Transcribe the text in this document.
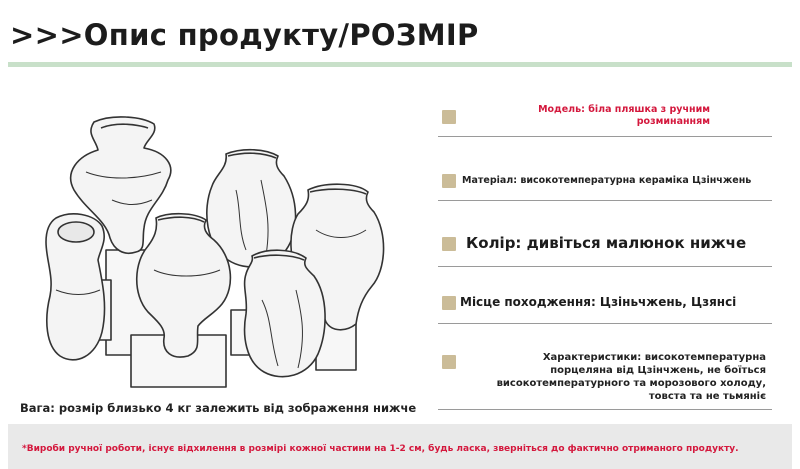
>>>Опис продукту/РОЗМІР
Вага: розмір близько 4 кг залежить від зображення нижче
Модель: біла пляшка з ручним
розминанням
Матеріал: високотемпературна кераміка Цзінчжень
Колір: дивіться малюнок нижче
Місце походження: Цзіньчжень, Цзянсі
Характеристики: високотемпературна
порцеляна від Цзінчжень, не боїться
високотемпературного та морозового холоду,
товста та не тьмяніє
*Вироби ручної роботи, існує відхилення в розмірі кожної частини на 1-2 см, будь ласка, зверніться до фактично отриманого продукту.
